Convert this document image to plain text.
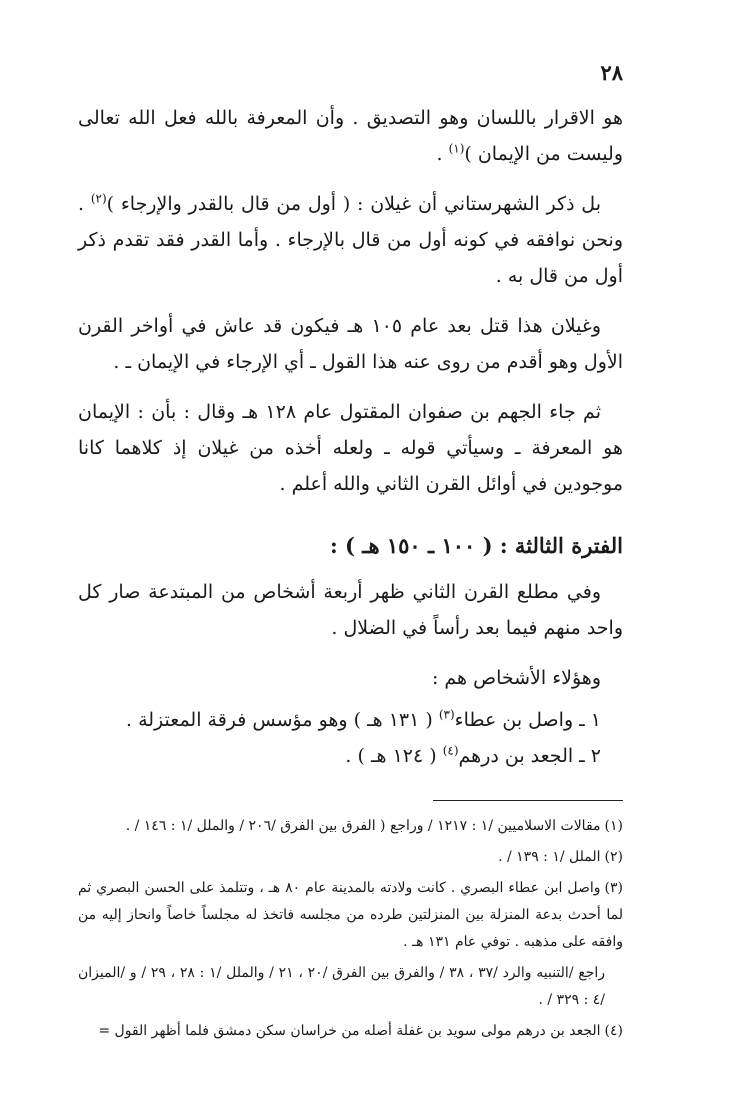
٢٨

هو الاقرار باللسان وهو التصديق . وأن المعرفة بالله فعل الله تعالى وليست من الإيمان )$^{(١)}$ .

بل ذكر الشهرستاني أن غيلان : ( أول من قال بالقدر والإرجاء )$^{(٢)}$ . ونحن نوافقه في كونه أول من قال بالإرجاء . وأما القدر فقد تقدم ذكر أول من قال به .

وغيلان هذا قتل بعد عام ١٠٥ هـ فيكون قد عاش في أواخر القرن الأول وهو أقدم من روى عنه هذا القول ـ أي الإرجاء في الإيمان ـ .

ثم جاء الجهم بن صفوان المقتول عام ١٢٨ هـ وقال : بأن : الإيمان هو المعرفة ـ وسيأتي قوله ـ ولعله أخذه من غيلان إذ كلاهما كانا موجودين في أوائل القرن الثاني والله أعلم .

الفترة الثالثة : ( ١٠٠ ـ ١٥٠ هـ ) :

وفي مطلع القرن الثاني ظهر أربعة أشخاص من المبتدعة صار كل واحد منهم فيما بعد رأساً في الضلال .

وهؤلاء الأشخاص هم :

١ ـ واصل بن عطاء$^{(٣)}$ ( ١٣١ هـ ) وهو مؤسس فرقة المعتزلة .
٢ ـ الجعد بن درهم$^{(٤)}$ ( ١٢٤ هـ ) .

(١)مقالات الاسلاميين /١ : ١٢١٧ / وراجع ( الفرق بين الفرق /٢٠٦ / والملل /١ : ١٤٦ / .

(٢)الملل /١ : ١٣٩ / .

(٣)واصل ابن عطاء البصري . كانت ولادته بالمدينة عام ٨٠ هـ ، وتتلمذ على الحسن البصري ثم لما أحدث بدعة المنزلة بين المنزلتين طرده من مجلسه فاتخذ له مجلساً خاصاً وانحاز إليه من وافقه على مذهبه . توفي عام ١٣١ هـ .

راجع /التنبيه والرد /٣٧ ، ٣٨ / والفرق بين الفرق /٢٠ ، ٢١ / والملل /١ : ٢٨ ، ٢٩ / و /الميزان /٤ : ٣٢٩ / .

(٤)الجعد بن درهم مولى سويد بن غفلة أصله من خراسان سكن دمشق فلما أظهر القول =
